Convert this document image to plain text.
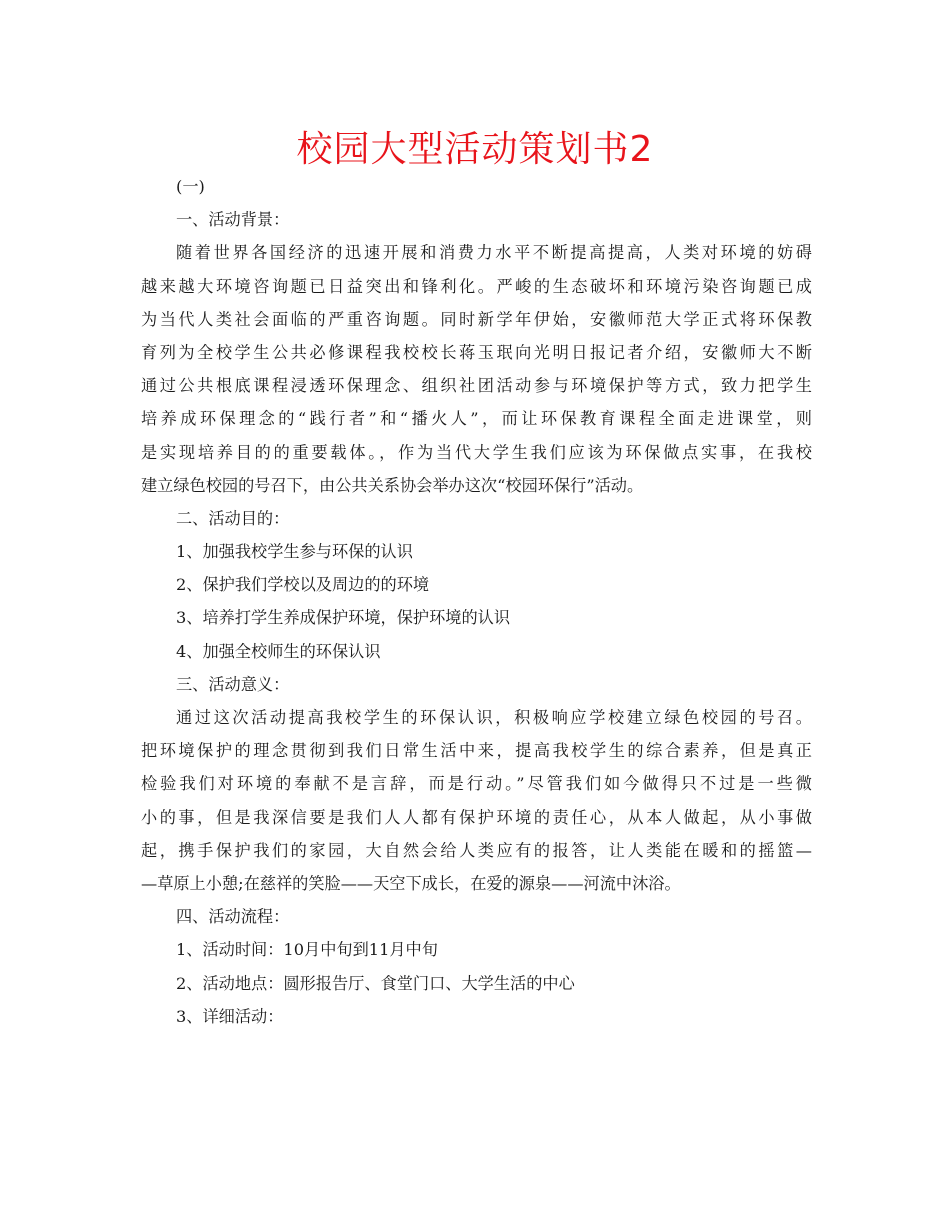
校园大型活动策划书2
(一)
一、活动背景：
随着世界各国经济的迅速开展和消费力水平不断提高提高，人类对环境的妨碍
越来越大环境咨询题已日益突出和锋利化。严峻的生态破坏和环境污染咨询题已成
为当代人类社会面临的严重咨询题。同时新学年伊始，安徽师范大学正式将环保教
育列为全校学生公共必修课程我校校长蒋玉珉向光明日报记者介绍，安徽师大不断
通过公共根底课程浸透环保理念、组织社团活动参与环境保护等方式，致力把学生
培养成环保理念的“践行者”和“播火人”，而让环保教育课程全面走进课堂，则
是实现培养目的的重要载体。，作为当代大学生我们应该为环保做点实事，在我校
建立绿色校园的号召下，由公共关系协会举办这次“校园环保行”活动。
二、活动目的：
1、加强我校学生参与环保的认识
2、保护我们学校以及周边的的环境
3、培养打学生养成保护环境，保护环境的认识
4、加强全校师生的环保认识
三、活动意义：
通过这次活动提高我校学生的环保认识，积极响应学校建立绿色校园的号召。
把环境保护的理念贯彻到我们日常生活中来，提高我校学生的综合素养，但是真正
检验我们对环境的奉献不是言辞，而是行动。”尽管我们如今做得只不过是一些微
小的事，但是我深信要是我们人人都有保护环境的责任心，从本人做起，从小事做
起，携手保护我们的家园，大自然会给人类应有的报答，让人类能在暖和的摇篮—
—草原上小憩;在慈祥的笑脸——天空下成长，在爱的源泉——河流中沐浴。
四、活动流程：
1、活动时间：10月中旬到11月中旬
2、活动地点：圆形报告厅、食堂门口、大学生活的中心
3、详细活动：
